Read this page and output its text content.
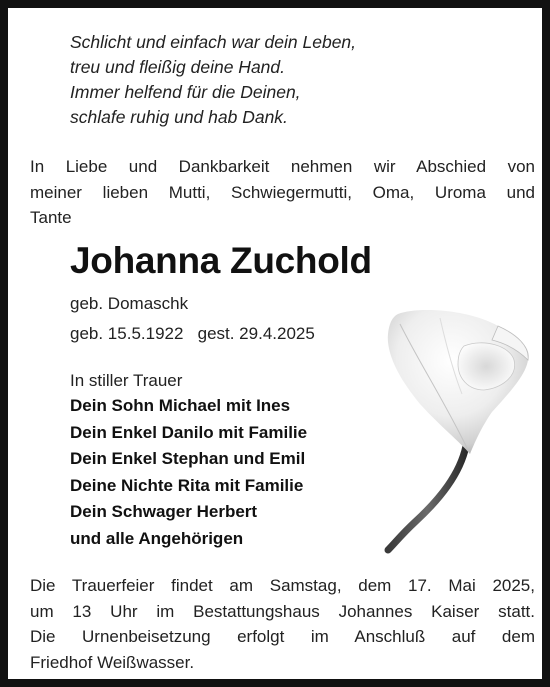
Schlicht und einfach war dein Leben,
treu und fleißig deine Hand.
Immer helfend für die Deinen,
schlafe ruhig und hab Dank.
In Liebe und Dankbarkeit nehmen wir Abschied von
meiner lieben Mutti, Schwiegermutti, Oma, Uroma und
Tante
Johanna Zuchold
geb. Domaschk
geb. 15.5.1922   gest. 29.4.2025
In stiller Trauer
Dein Sohn Michael mit Ines
Dein Enkel Danilo mit Familie
Dein Enkel Stephan und Emil
Deine Nichte Rita mit Familie
Dein Schwager Herbert
und alle Angehörigen
Die Trauerfeier findet am Samstag, dem 17. Mai 2025,
um 13 Uhr im Bestattungshaus Johannes Kaiser statt.
Die Urnenbeisetzung erfolgt im Anschluß auf dem
Friedhof Weißwasser.
